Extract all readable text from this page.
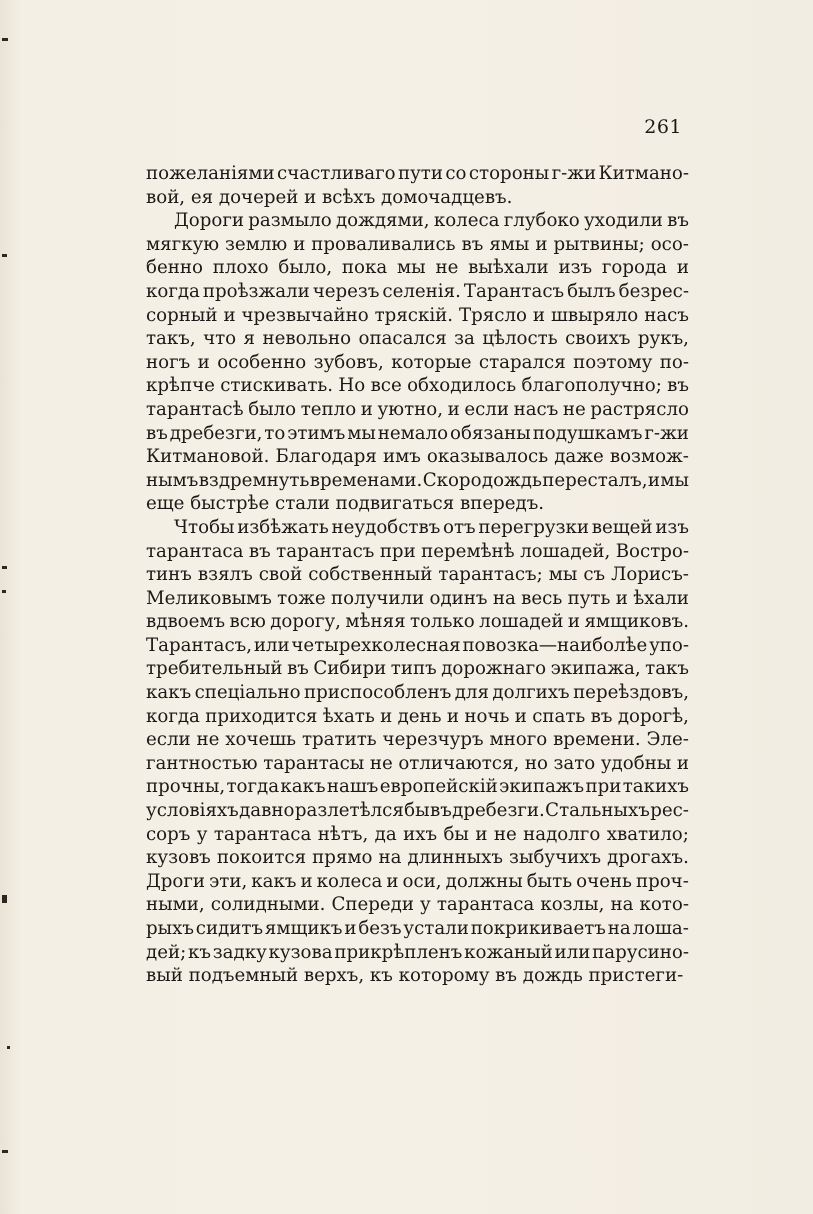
261
пожеланіями счастливаго пути со стороны г-жи Китмано-
вой, ея дочерей и всѣхъ домочадцевъ.
Дороги размыло дождями, колеса глубоко уходили въ
мягкую землю и проваливались въ ямы и рытвины; осо-
бенно плохо было, пока мы не выѣхали изъ города и
когда проѣзжали черезъ селенія. Тарантасъ былъ безрес-
сорный и чрезвычайно тряскій. Трясло и швыряло насъ
такъ, что я невольно опасался за цѣлость своихъ рукъ,
ногъ и особенно зубовъ, которые старался поэтому по-
крѣпче стискивать. Но все обходилось благополучно; въ
тарантасѣ было тепло и уютно, и если насъ не растрясло
въ дребезги, то этимъ мы немало обязаны подушкамъ г-жи
Китмановой. Благодаря имъ оказывалось даже возмож-
нымъ вздремнуть временами. Скоро дождь пересталъ, и мы
еще быстрѣе стали подвигаться впередъ.
Чтобы избѣжать неудобствъ отъ перегрузки вещей изъ
тарантаса въ тарантасъ при перемѣнѣ лошадей, Востро-
тинъ взялъ свой собственный тарантасъ; мы съ Лорисъ-
Меликовымъ тоже получили одинъ на весь путь и ѣхали
вдвоемъ всю дорогу, мѣняя только лошадей и ямщиковъ.
Тарантасъ, или четырехколесная повозка—наиболѣе упо-
требительный въ Сибири типъ дорожнаго экипажа, такъ
какъ спеціально приспособленъ для долгихъ переѣздовъ,
когда приходится ѣхать и день и ночь и спать въ дорогѣ,
если не хочешь тратить черезчуръ много времени. Эле-
гантностью тарантасы не отличаются, но зато удобны и
прочны, тогда какъ нашъ европейскій экипажъ при такихъ
условіяхъ давно разлетѣлся бы въ дребезги. Стальныхъ рес-
соръ у тарантаса нѣтъ, да ихъ бы и не надолго хватило;
кузовъ покоится прямо на длинныхъ зыбучихъ дрогахъ.
Дроги эти, какъ и колеса и оси, должны быть очень проч-
ными, солидными. Спереди у тарантаса козлы, на кото-
рыхъ сидитъ ямщикъ и безъ устали покрикиваетъ на лоша-
дей; къ задку кузова прикрѣпленъ кожаный или парусино-
вый подъемный верхъ, къ которому въ дождь пристеги-
